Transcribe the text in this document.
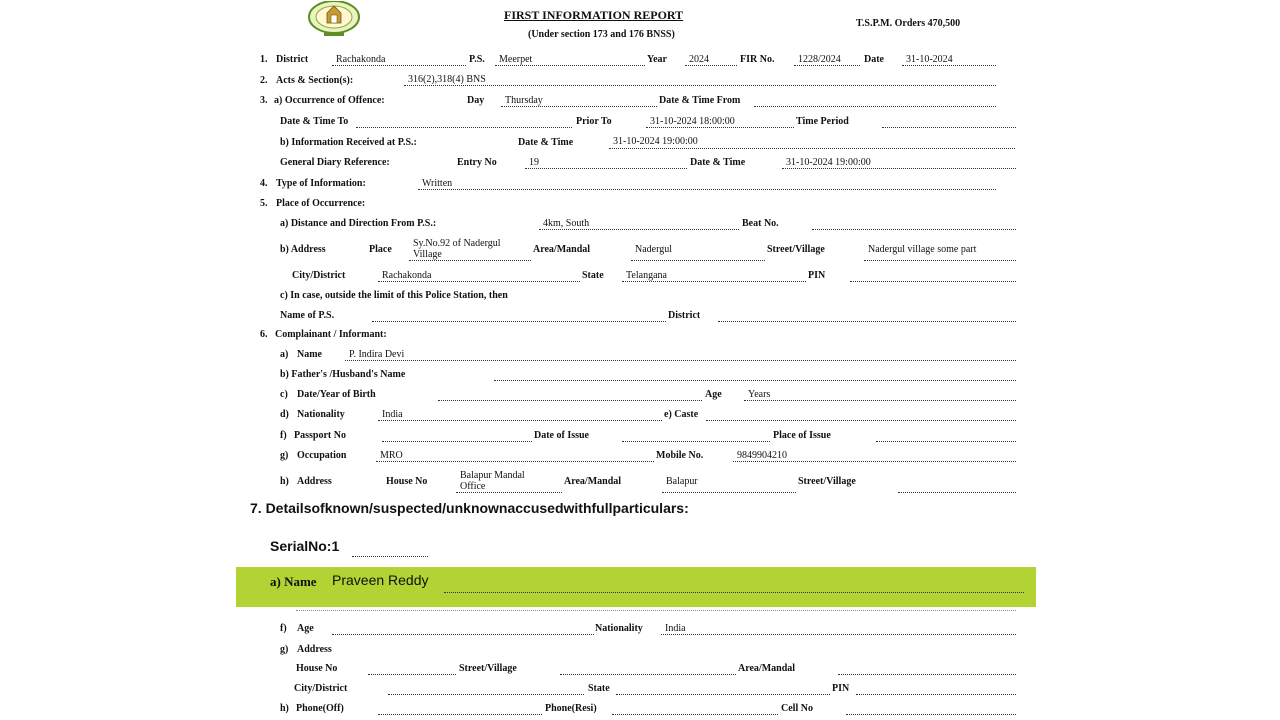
FIRST INFORMATION REPORT
(Under section 173 and 176 BNSS)
T.S.P.M. Orders 470,500
1. District	Rachakonda	P.S. Meerpet	Year 2024	FIR No. 1228/2024 Date 31-10-2024
2. Acts & Section(s):	316(2),318(4) BNS
3. a) Occurrence of Offence:	Day Thursday	Date & Time From
Date & Time To	Prior To	31-10-2024 18:00:00	Time Period
b) Information Received at P.S.:	Date & Time	31-10-2024 19:00:00
General Diary Reference:	Entry No	19	Date & Time	31-10-2024 19:00:00
4. Type of Information:	Written
5. Place of Occurrence:
a) Distance and Direction From P.S.:	4km, South	Beat No.
b) Address	Place
Sy.No.92 of Nadergul
Village	Area/Mandal	Nadergul	Street/Village	Nadergul village some part
City/District	Rachakonda	State Telangana	PIN
c) In case, outside the limit of this Police Station, then
Name of P.S.	District
6. Complainant / Informant:
a) Name	P. Indira Devi
b) Father's /Husband's Name
c) Date/Year of Birth	Age	Years
d) Nationality	India	e) Caste
f) Passport No	Date of Issue	Place of Issue
g) Occupation	MRO	Mobile No.	9849904210
h) Address	House No
Balapur Mandal
Office	Area/Mandal	Balapur	Street/Village
7. Detailsofknown/suspected/unknownaccusedwithfullparticulars:
SerialNo:1
a) Name Praveen Reddy
f) Age	Nationality India
g) Address
House No	Street/Village	Area/Mandal
City/District	State	PIN
h) Phone(Off)	Phone(Resi)	Cell No
